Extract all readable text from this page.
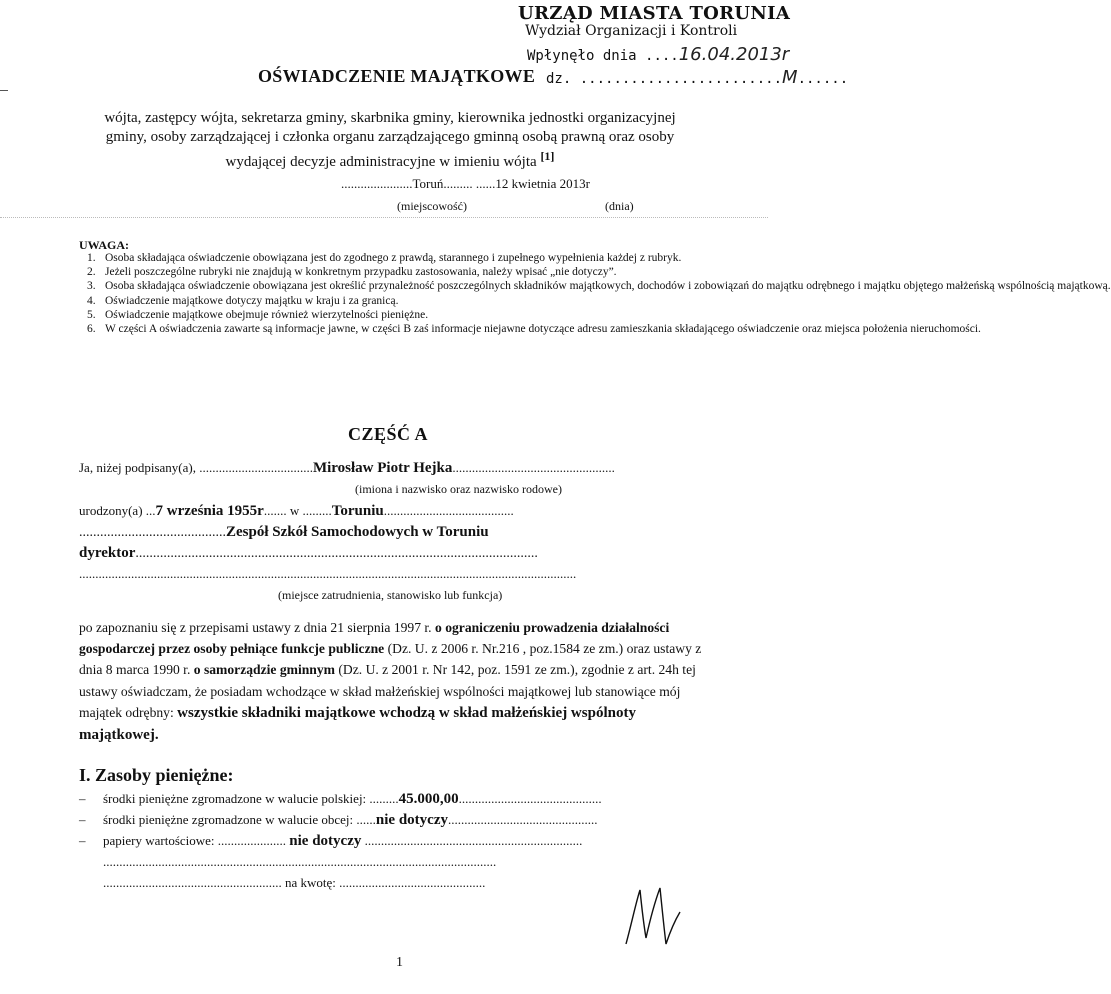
URZĄD MIASTA TORUNIA
Wydział Organizacji i Kontroli
Wpłynęło dnia ....16.04.2013r
dz. ........................M......
OŚWIADCZENIE MAJĄTKOWE
wójta, zastępcy wójta, sekretarza gminy, skarbnika gminy, kierownika jednostki organizacyjnej gminy, osoby zarządzającej i członka organu zarządzającego gminną osobą prawną oraz osoby wydającej decyzje administracyjne w imieniu wójta [1]
......................Toruń......... ......12 kwietnia 2013r
(miejscowość)	(dnia)
UWAGA:
1. Osoba składająca oświadczenie obowiązana jest do zgodnego z prawdą, starannego i zupełnego wypełnienia każdej z rubryk.
2. Jeżeli poszczególne rubryki nie znajdują w konkretnym przypadku zastosowania, należy wpisać „nie dotyczy”.
3. Osoba składająca oświadczenie obowiązana jest określić przynależność poszczególnych składników majątkowych, dochodów i zobowiązań do majątku odrębnego i majątku objętego małżeńską wspólnością majątkową.
4. Oświadczenie majątkowe dotyczy majątku w kraju i za granicą.
5. Oświadczenie majątkowe obejmuje również wierzytelności pieniężne.
6. W części A oświadczenia zawarte są informacje jawne, w części B zaś informacje niejawne dotyczące adresu zamieszkania składającego oświadczenie oraz miejsca położenia nieruchomości.
CZĘŚĆ A
Ja, niżej podpisany(a), ...................................Mirosław Piotr Hejka..................................................
(imiona i nazwisko oraz nazwisko rodowe)
urodzony(a) ...7 września 1955r....... w .........Toruniu........................................
..........................................Zespół Szkół Samochodowych w Toruniu
dyrektor...................................................................................................................
.........................................................................................................................................................
(miejsce zatrudnienia, stanowisko lub funkcja)
po zapoznaniu się z przepisami ustawy z dnia 21 sierpnia 1997 r. o ograniczeniu prowadzenia działalności gospodarczej przez osoby pełniące funkcje publiczne (Dz. U. z 2006 r. Nr.216 , poz.1584 ze zm.) oraz ustawy z dnia 8 marca 1990 r. o samorządzie gminnym (Dz. U. z 2001 r. Nr 142, poz. 1591 ze zm.), zgodnie z art. 24h tej ustawy oświadczam, że posiadam wchodzące w skład małżeńskiej wspólności majątkowej lub stanowiące mój majątek odrębny: wszystkie składniki majątkowe wchodzą w skład małżeńskiej wspólnoty majątkowej.
I. Zasoby pieniężne:
– środki pieniężne zgromadzone w walucie polskiej: .........45.000,00............................................
– środki pieniężne zgromadzone w walucie obcej: ......nie dotyczy..............................................
– papiery wartościowe: ..................... nie dotyczy ...................................................................
.........................................................................................................................
....................................................... na kwotę: .............................................
1
